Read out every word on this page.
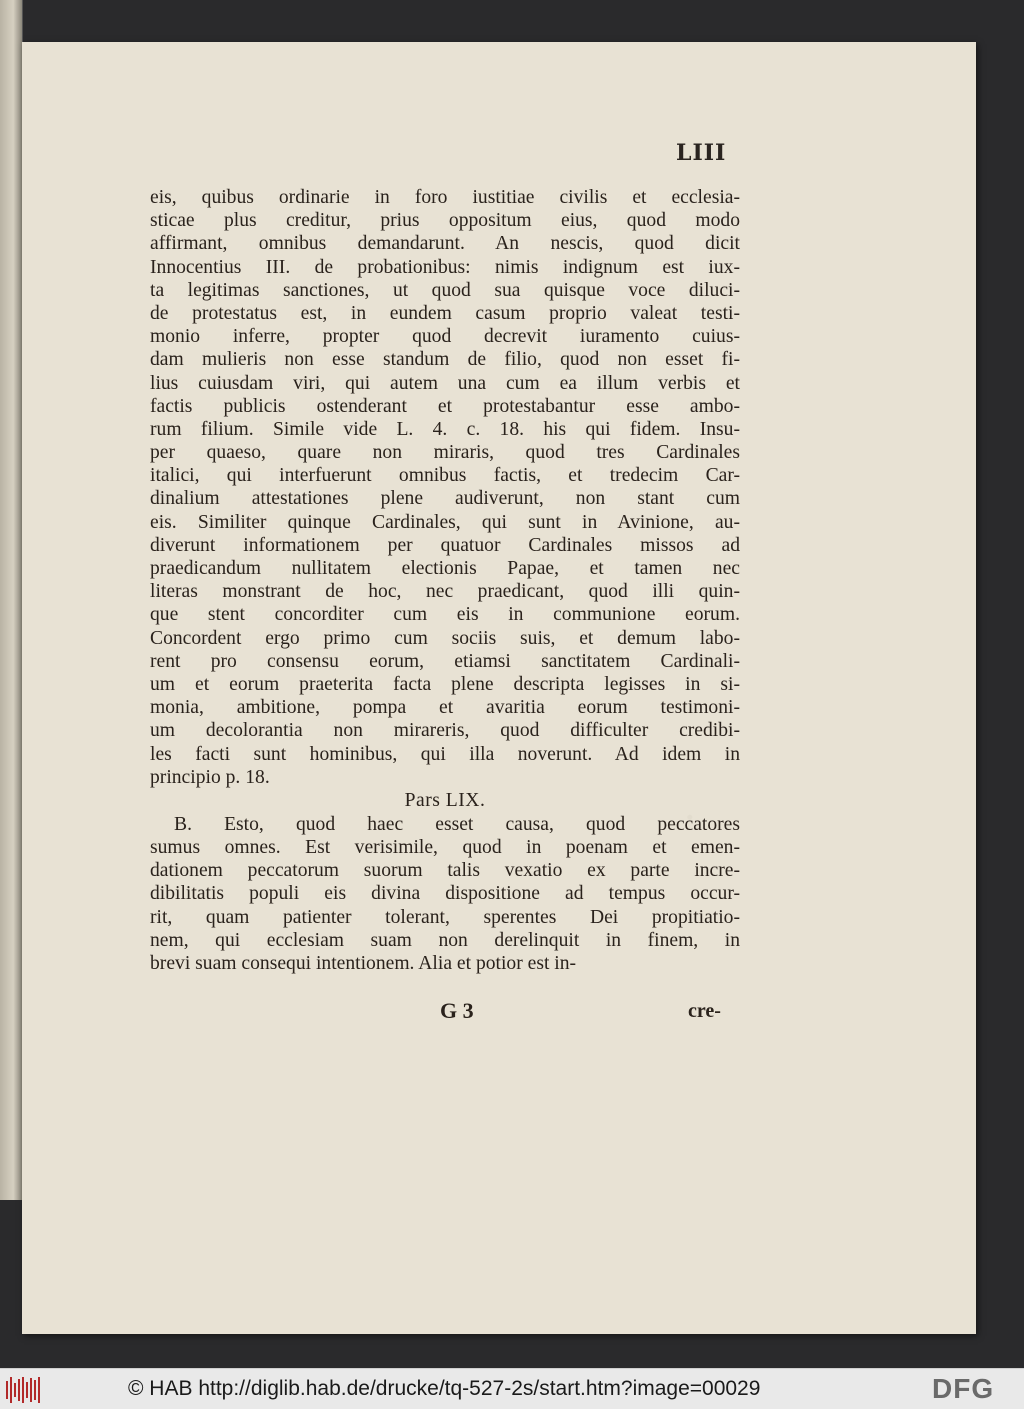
LIII
eis, quibus ordinarie in foro iustitiae civilis et ecclesia-
sticae plus creditur, prius oppositum eius, quod modo
affirmant, omnibus demandarunt. An nescis, quod dicit
Innocentius III. de probationibus: nimis indignum est iux-
ta legitimas sanctiones, ut quod sua quisque voce diluci-
de protestatus est, in eundem casum proprio valeat testi-
monio inferre, propter quod decrevit iuramento cuius-
dam mulieris non esse standum de filio, quod non esset fi-
lius cuiusdam viri, qui autem una cum ea illum verbis et
factis publicis ostenderant et protestabantur esse ambo-
rum filium. Simile vide L. 4. c. 18. his qui fidem. Insu-
per quaeso, quare non miraris, quod tres Cardinales
italici, qui interfuerunt omnibus factis, et tredecim Car-
dinalium attestationes plene audiverunt, non stant cum
eis. Similiter quinque Cardinales, qui sunt in Avinione, au-
diverunt informationem per quatuor Cardinales missos ad
praedicandum nullitatem electionis Papae, et tamen nec
literas monstrant de hoc, nec praedicant, quod illi quin-
que stent concorditer cum eis in communione eorum.
Concordent ergo primo cum sociis suis, et demum labo-
rent pro consensu eorum, etiamsi sanctitatem Cardinali-
um et eorum praeterita facta plene descripta legisses in si-
monia, ambitione, pompa et avaritia eorum testimoni-
um decolorantia non mirareris, quod difficulter credibi-
les facti sunt hominibus, qui illa noverunt. Ad idem in
principio p. 18.
Pars LIX.
B. Esto, quod haec esset causa, quod peccatores
sumus omnes. Est verisimile, quod in poenam et emen-
dationem peccatorum suorum talis vexatio ex parte incre-
dibilitatis populi eis divina dispositione ad tempus occur-
rit, quam patienter tolerant, sperentes Dei propitiatio-
nem, qui ecclesiam suam non derelinquit in finem, in
brevi suam consequi intentionem. Alia et potior est in-
G 3	cre-
© HAB http://diglib.hab.de/drucke/tq-527-2s/start.htm?image=00029	DFG
